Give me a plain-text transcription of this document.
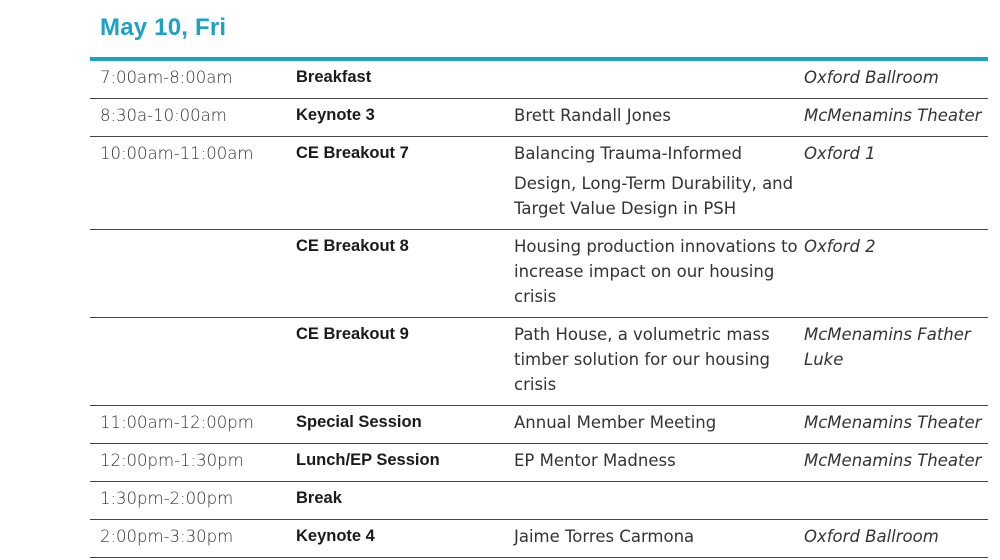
May 10, Fri
7:00am-8:00am	Breakfast		Oxford Ballroom
8:30a-10:00am	Keynote 3	Brett Randall Jones	McMenamins Theater
10:00am-11:00am	CE Breakout 7	Balancing Trauma-Informed
Design, Long-Term Durability, and Target Value Design in PSH	Oxford 1
	CE Breakout 8	Housing production innovations to increase impact on our housing crisis	Oxford 2
	CE Breakout 9	Path House, a volumetric mass timber solution for our housing crisis	McMenamins Father Luke
11:00am-12:00pm	Special Session	Annual Member Meeting	McMenamins Theater
12:00pm-1:30pm	Lunch/EP Session	EP Mentor Madness	McMenamins Theater
1:30pm-2:00pm	Break		
2:00pm-3:30pm	Keynote 4	Jaime Torres Carmona	Oxford Ballroom
